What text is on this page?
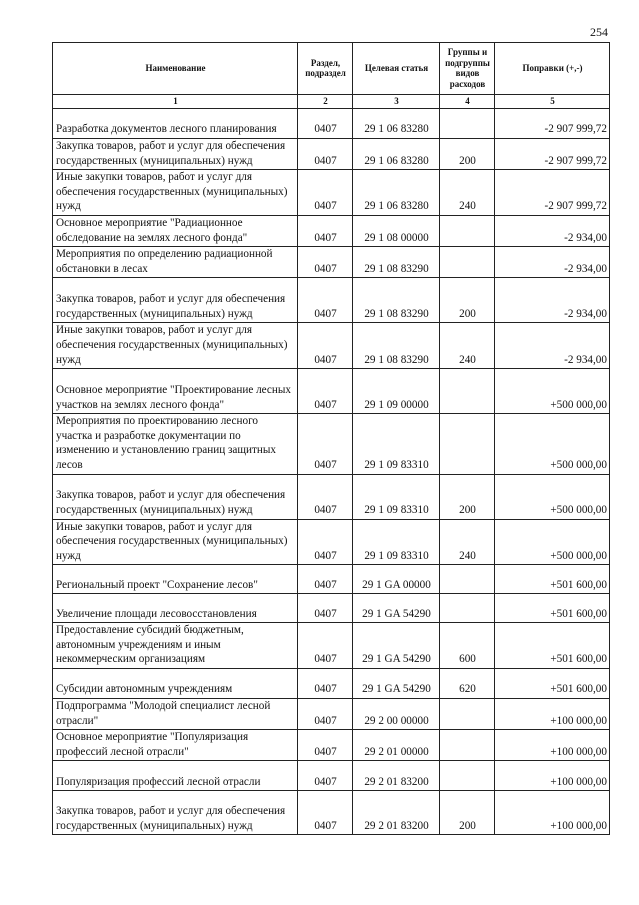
254
Наименование	Раздел, подраздел	Целевая статья	Группы и подгруппы видов расходов	Поправки (+,-)
1	2	3	4	5
Разработка документов лесного планирования	0407	29 1 06 83280		-2 907 999,72
Закупка товаров, работ и услуг для обеспечения государственных (муниципальных) нужд	0407	29 1 06 83280	200	-2 907 999,72
Иные закупки товаров, работ и услуг для обеспечения государственных (муниципальных) нужд	0407	29 1 06 83280	240	-2 907 999,72
Основное мероприятие "Радиационное обследование на землях лесного фонда"	0407	29 1 08 00000		-2 934,00
Мероприятия по определению радиационной обстановки в лесах	0407	29 1 08 83290		-2 934,00
Закупка товаров, работ и услуг для обеспечения государственных (муниципальных) нужд	0407	29 1 08 83290	200	-2 934,00
Иные закупки товаров, работ и услуг для обеспечения государственных (муниципальных) нужд	0407	29 1 08 83290	240	-2 934,00
Основное мероприятие "Проектирование лесных участков на землях лесного фонда"	0407	29 1 09 00000		+500 000,00
Мероприятия по проектированию лесного участка и разработке документации по изменению и установлению границ защитных лесов	0407	29 1 09 83310		+500 000,00
Закупка товаров, работ и услуг для обеспечения государственных (муниципальных) нужд	0407	29 1 09 83310	200	+500 000,00
Иные закупки товаров, работ и услуг для обеспечения государственных (муниципальных) нужд	0407	29 1 09 83310	240	+500 000,00
Региональный проект "Сохранение лесов"	0407	29 1 GA 00000		+501 600,00
Увеличение площади лесовосстановления	0407	29 1 GA 54290		+501 600,00
Предоставление субсидий бюджетным, автономным учреждениям и иным некоммерческим организациям	0407	29 1 GA 54290	600	+501 600,00
Субсидии автономным учреждениям	0407	29 1 GA 54290	620	+501 600,00
Подпрограмма "Молодой специалист лесной отрасли"	0407	29 2 00 00000		+100 000,00
Основное мероприятие "Популяризация профессий лесной отрасли"	0407	29 2 01 00000		+100 000,00
Популяризация профессий лесной отрасли	0407	29 2 01 83200		+100 000,00
Закупка товаров, работ и услуг для обеспечения государственных (муниципальных) нужд	0407	29 2 01 83200	200	+100 000,00
